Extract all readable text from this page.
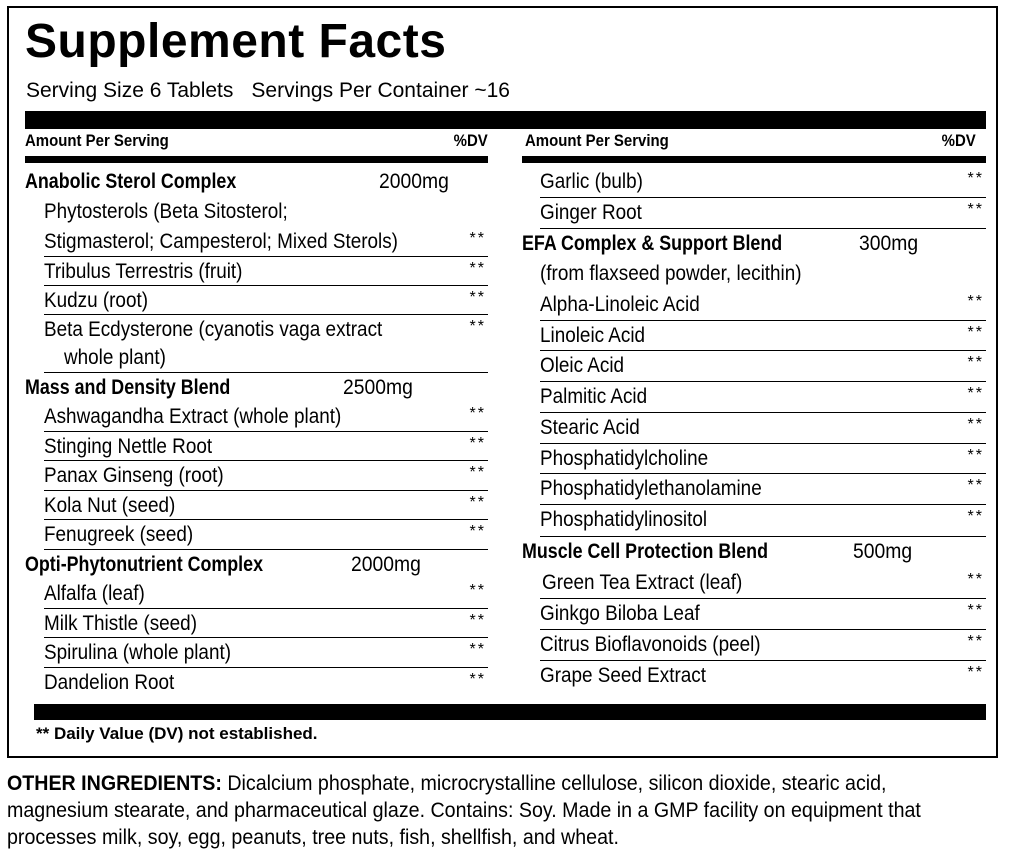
Supplement Facts
Serving Size 6 Tablets Servings Per Container ~16
Amount Per Serving	%DV Amount Per Serving	%DV
Anabolic Sterol Complex	2000mg
Phytosterols (Beta Sitosterol;
Stigmasterol; Campesterol; Mixed Sterols)	**
Tribulus Terrestris (fruit)	**
Kudzu (root)	**
Beta Ecdysterone (cyanotis vaga extract	**
whole plant)
Mass and Density Blend	2500mg
Ashwagandha Extract (whole plant)	**
Stinging Nettle Root	**
Panax Ginseng (root)	**
Kola Nut (seed)	**
Fenugreek (seed)	**
Opti-Phytonutrient Complex	2000mg
Alfalfa (leaf)	**
Milk Thistle (seed)	**
Spirulina (whole plant)	**
Dandelion Root	**
Garlic (bulb)	**
Ginger Root	**
EFA Complex & Support Blend	300mg
(from flaxseed powder, lecithin)
Alpha-Linoleic Acid	**
Linoleic Acid	**
Oleic Acid	**
Palmitic Acid	**
Stearic Acid	**
Phosphatidylcholine	**
Phosphatidylethanolamine	**
Phosphatidylinositol	**
Muscle Cell Protection Blend	500mg
Green Tea Extract (leaf)	**
Ginkgo Biloba Leaf	**
Citrus Bioflavonoids (peel)	**
Grape Seed Extract	**
** Daily Value (DV) not established.
OTHER INGREDIENTS: Dicalcium phosphate, microcrystalline cellulose, silicon dioxide, stearic acid, magnesium stearate, and pharmaceutical glaze. Contains: Soy. Made in a GMP facility on equipment that processes milk, soy, egg, peanuts, tree nuts, fish, shellfish, and wheat.
